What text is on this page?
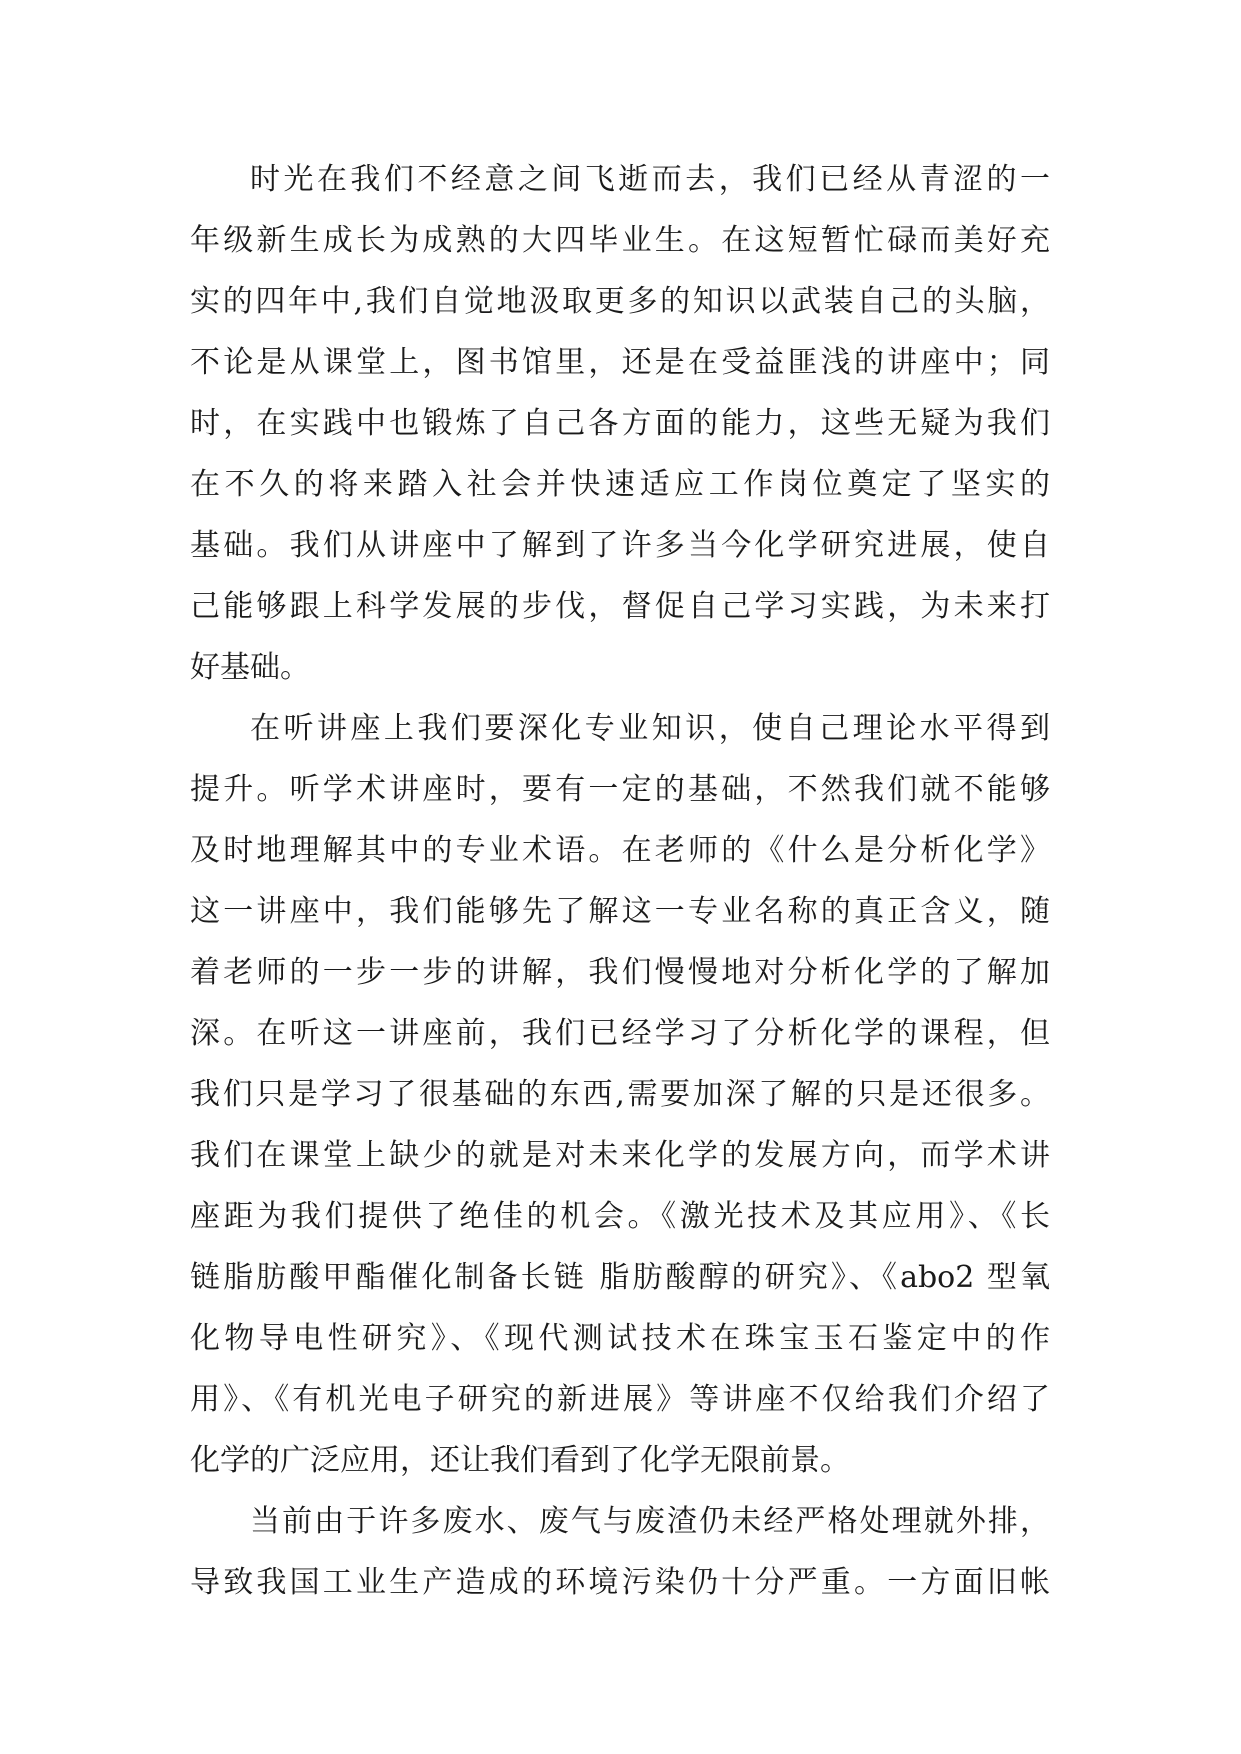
时光在我们不经意之间飞逝而去，我们已经从青涩的一
年级新生成长为成熟的大四毕业生。在这短暂忙碌而美好充
实的四年中,我们自觉地汲取更多的知识以武装自己的头脑，
不论是从课堂上，图书馆里，还是在受益匪浅的讲座中；同
时，在实践中也锻炼了自己各方面的能力，这些无疑为我们
在不久的将来踏入社会并快速适应工作岗位奠定了坚实的
基础。我们从讲座中了解到了许多当今化学研究进展，使自
己能够跟上科学发展的步伐，督促自己学习实践，为未来打
好基础。
在听讲座上我们要深化专业知识，使自己理论水平得到
提升。听学术讲座时，要有一定的基础，不然我们就不能够
及时地理解其中的专业术语。在老师的《什么是分析化学》
这一讲座中，我们能够先了解这一专业名称的真正含义，随
着老师的一步一步的讲解，我们慢慢地对分析化学的了解加
深。在听这一讲座前，我们已经学习了分析化学的课程，但
我们只是学习了很基础的东西,需要加深了解的只是还很多。
我们在课堂上缺少的就是对未来化学的发展方向，而学术讲
座距为我们提供了绝佳的机会。《激光技术及其应用》、《长
链脂肪酸甲酯催化制备长链 脂肪酸醇的研究》、《abo2 型氧
化物导电性研究》、《现代测试技术在珠宝玉石鉴定中的作
用》、《有机光电子研究的新进展》等讲座不仅给我们介绍了
化学的广泛应用，还让我们看到了化学无限前景。
当前由于许多废水、废气与废渣仍未经严格处理就外排，
导致我国工业生产造成的环境污染仍十分严重。一方面旧帐
